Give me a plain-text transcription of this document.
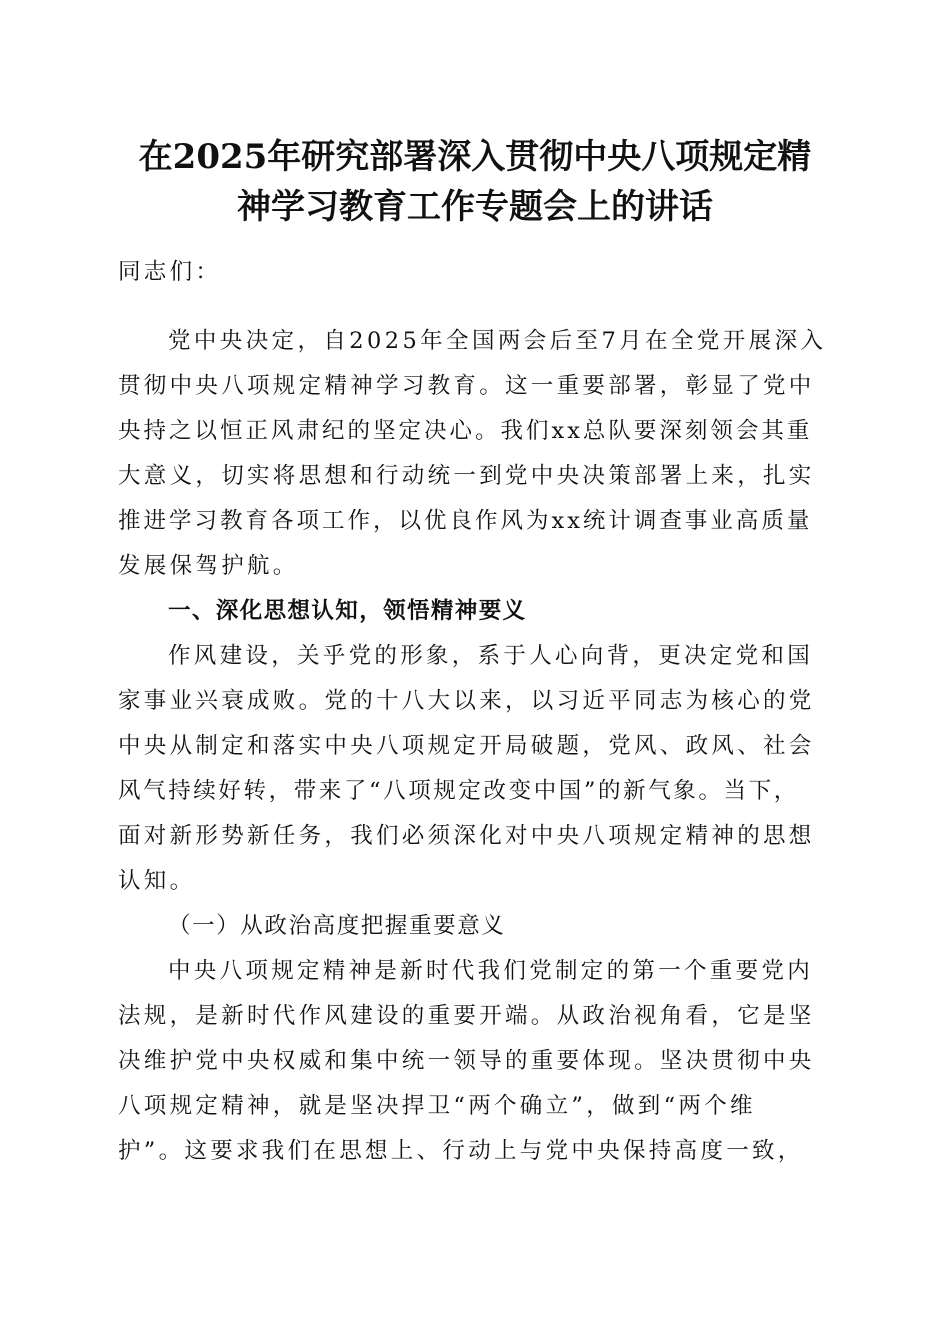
在2025年研究部署深入贯彻中央八项规定精
神学习教育工作专题会上的讲话
同志们：
党中央决定，自2025年全国两会后至7月在全党开展深入
贯彻中央八项规定精神学习教育。这一重要部署，彰显了党中
央持之以恒正风肃纪的坚定决心。我们xx总队要深刻领会其重
大意义，切实将思想和行动统一到党中央决策部署上来，扎实
推进学习教育各项工作，以优良作风为xx统计调查事业高质量
发展保驾护航。
一、深化思想认知，领悟精神要义
作风建设，关乎党的形象，系于人心向背，更决定党和国
家事业兴衰成败。党的十八大以来，以习近平同志为核心的党
中央从制定和落实中央八项规定开局破题，党风、政风、社会
风气持续好转，带来了“八项规定改变中国”的新气象。当下，
面对新形势新任务，我们必须深化对中央八项规定精神的思想
认知。
（一）从政治高度把握重要意义
中央八项规定精神是新时代我们党制定的第一个重要党内
法规，是新时代作风建设的重要开端。从政治视角看，它是坚
决维护党中央权威和集中统一领导的重要体现。坚决贯彻中央
八项规定精神，就是坚决捍卫“两个确立”，做到“两个维
护”。这要求我们在思想上、行动上与党中央保持高度一致，
